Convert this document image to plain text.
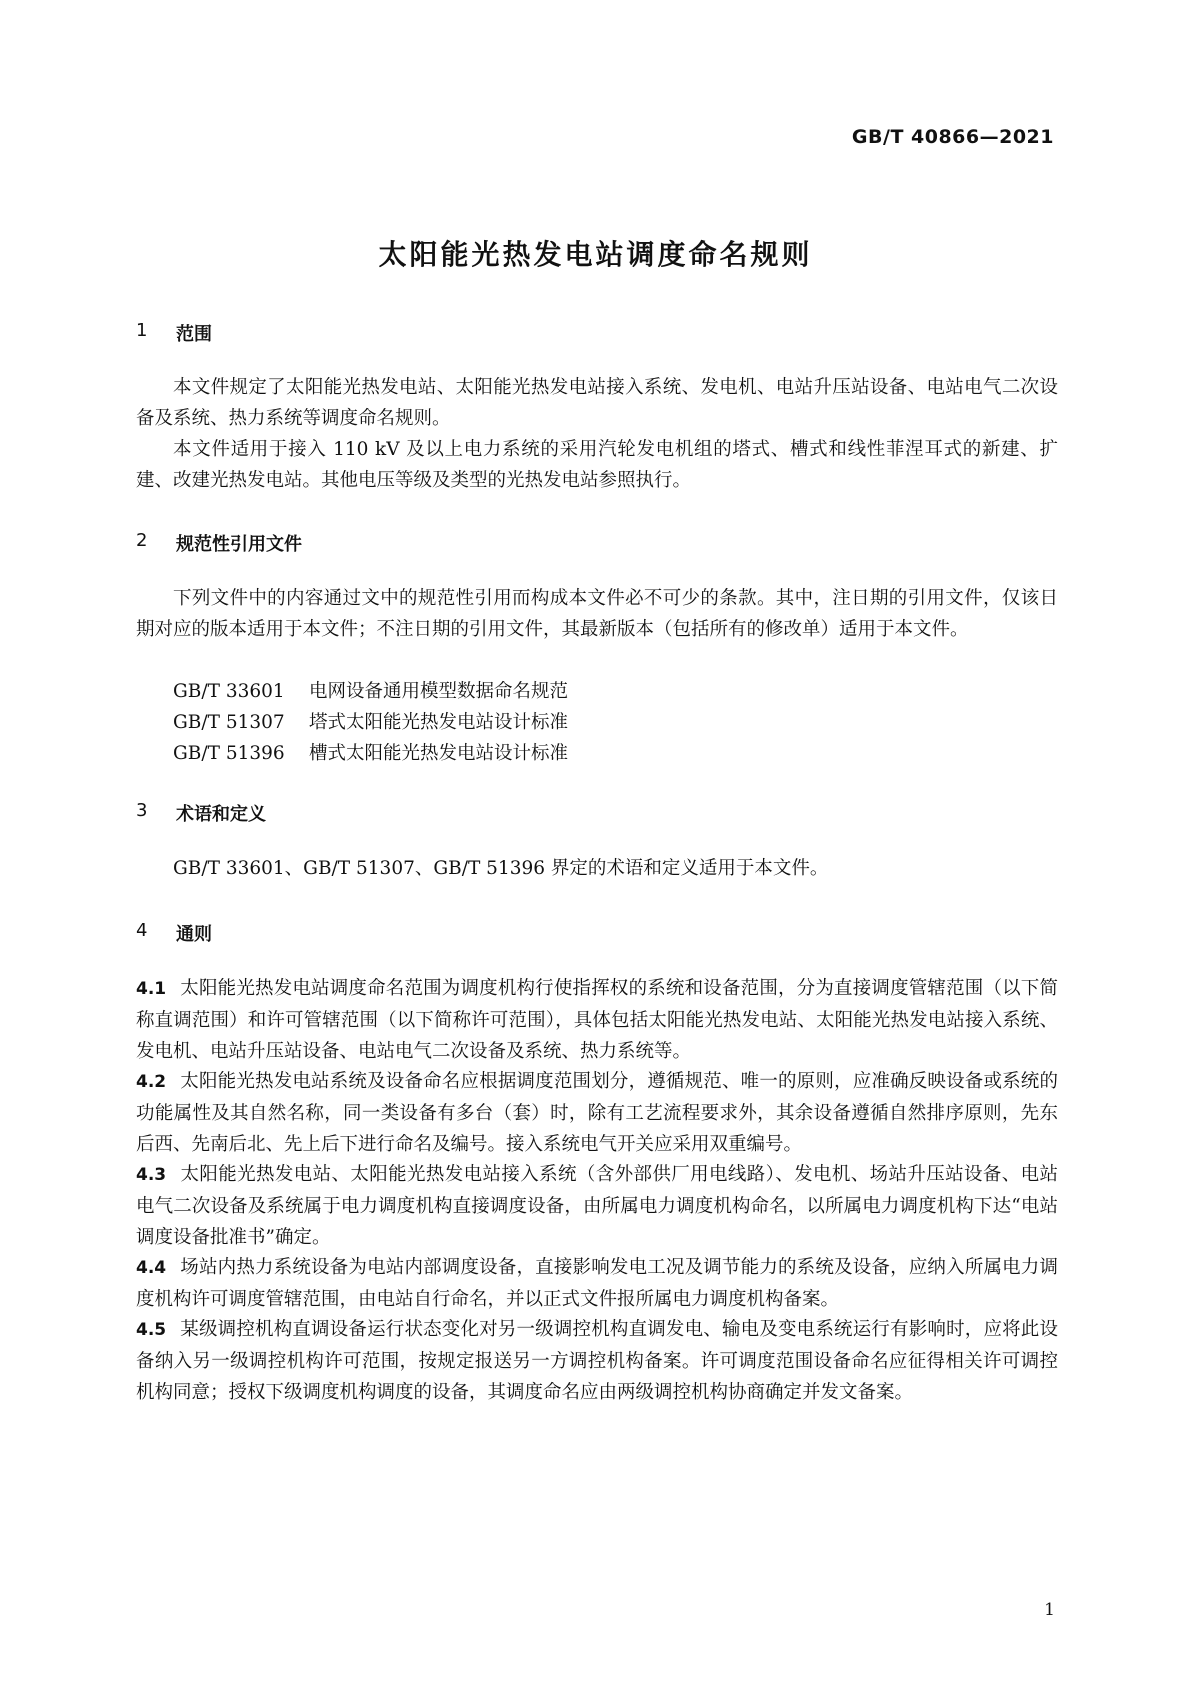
GB/T 40866—2021
太阳能光热发电站调度命名规则
1	范围

本文件规定了太阳能光热发电站、太阳能光热发电站接入系统、发电机、电站升压站设备、电站电气二次设备及系统、热力系统等调度命名规则。

本文件适用于接入 110 kV 及以上电力系统的采用汽轮发电机组的塔式、槽式和线性菲涅耳式的新建、扩建、改建光热发电站。其他电压等级及类型的光热发电站参照执行。

2	规范性引用文件

下列文件中的内容通过文中的规范性引用而构成本文件必不可少的条款。其中，注日期的引用文件，仅该日期对应的版本适用于本文件；不注日期的引用文件，其最新版本（包括所有的修改单）适用于本文件。

GB/T 33601	电网设备通用模型数据命名规范
GB/T 51307	塔式太阳能光热发电站设计标准
GB/T 51396	槽式太阳能光热发电站设计标准
3	术语和定义

GB/T 33601、GB/T 51307、GB/T 51396 界定的术语和定义适用于本文件。

4	通则

4.1 太阳能光热发电站调度命名范围为调度机构行使指挥权的系统和设备范围，分为直接调度管辖范围（以下简称直调范围）和许可管辖范围（以下简称许可范围），具体包括太阳能光热发电站、太阳能光热发电站接入系统、发电机、电站升压站设备、电站电气二次设备及系统、热力系统等。

4.2 太阳能光热发电站系统及设备命名应根据调度范围划分，遵循规范、唯一的原则，应准确反映设备或系统的功能属性及其自然名称，同一类设备有多台（套）时，除有工艺流程要求外，其余设备遵循自然排序原则，先东后西、先南后北、先上后下进行命名及编号。接入系统电气开关应采用双重编号。

4.3 太阳能光热发电站、太阳能光热发电站接入系统（含外部供厂用电线路）、发电机、场站升压站设备、电站电气二次设备及系统属于电力调度机构直接调度设备，由所属电力调度机构命名，以所属电力调度机构下达“电站调度设备批准书”确定。

4.4 场站内热力系统设备为电站内部调度设备，直接影响发电工况及调节能力的系统及设备，应纳入所属电力调度机构许可调度管辖范围，由电站自行命名，并以正式文件报所属电力调度机构备案。

4.5 某级调控机构直调设备运行状态变化对另一级调控机构直调发电、输电及变电系统运行有影响时，应将此设备纳入另一级调控机构许可范围，按规定报送另一方调控机构备案。许可调度范围设备命名应征得相关许可调控机构同意；授权下级调度机构调度的设备，其调度命名应由两级调控机构协商确定并发文备案。

1
